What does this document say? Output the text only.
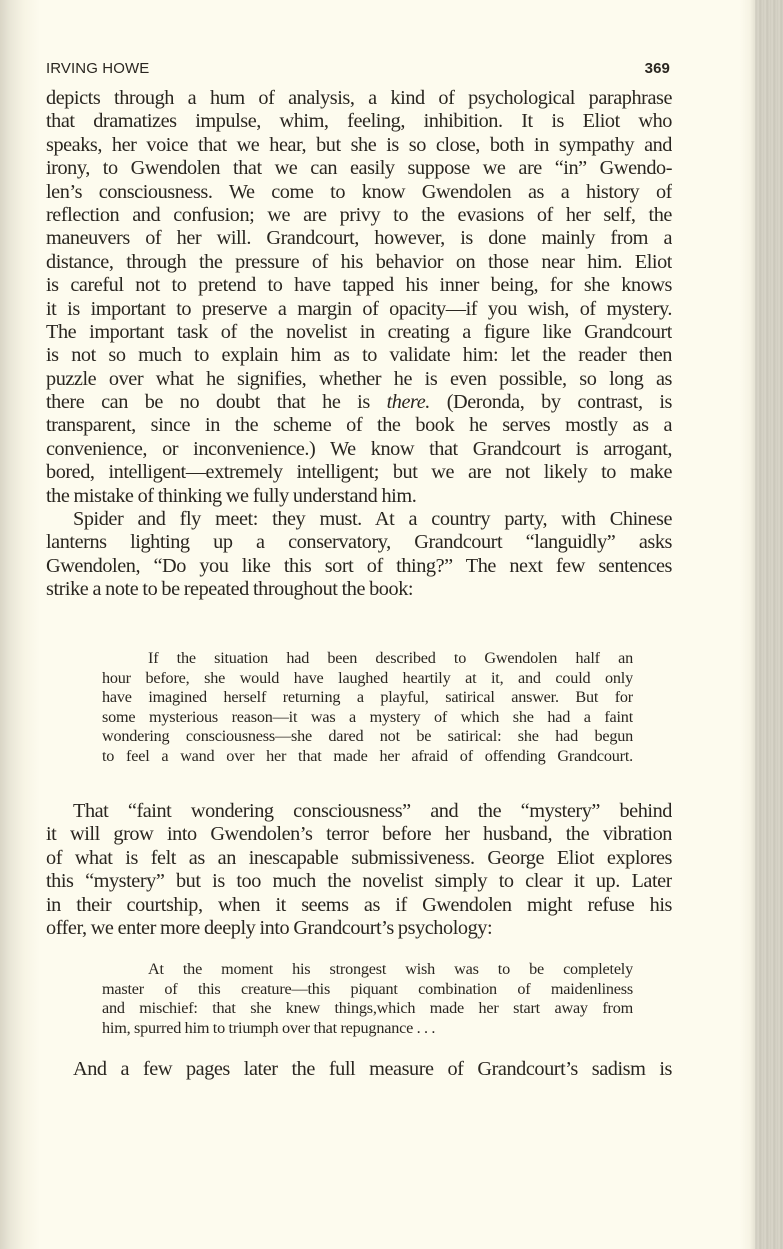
IRVING HOWE	369
depicts through a hum of analysis, a kind of psychological paraphrase
that dramatizes impulse, whim, feeling, inhibition. It is Eliot who
speaks, her voice that we hear, but she is so close, both in sympathy and
irony, to Gwendolen that we can easily suppose we are “in” Gwendo-
len’s consciousness. We come to know Gwendolen as a history of
reflection and confusion; we are privy to the evasions of her self, the
maneuvers of her will. Grandcourt, however, is done mainly from a
distance, through the pressure of his behavior on those near him. Eliot
is careful not to pretend to have tapped his inner being, for she knows
it is important to preserve a margin of opacity—if you wish, of mystery.
The important task of the novelist in creating a figure like Grandcourt
is not so much to explain him as to validate him: let the reader then
puzzle over what he signifies, whether he is even possible, so long as
there can be no doubt that he is there. (Deronda, by contrast, is
transparent, since in the scheme of the book he serves mostly as a
convenience, or inconvenience.) We know that Grandcourt is arrogant,
bored, intelligent—extremely intelligent; but we are not likely to make
the mistake of thinking we fully understand him.
Spider and fly meet: they must. At a country party, with Chinese
lanterns lighting up a conservatory, Grandcourt “languidly” asks
Gwendolen, “Do you like this sort of thing?” The next few sentences
strike a note to be repeated throughout the book:
If the situation had been described to Gwendolen half an
hour before, she would have laughed heartily at it, and could only
have imagined herself returning a playful, satirical answer. But for
some mysterious reason—it was a mystery of which she had a faint
wondering consciousness—she dared not be satirical: she had begun
to feel a wand over her that made her afraid of offending Grandcourt.
That “faint wondering consciousness” and the “mystery” behind
it will grow into Gwendolen’s terror before her husband, the vibration
of what is felt as an inescapable submissiveness. George Eliot explores
this “mystery” but is too much the novelist simply to clear it up. Later
in their courtship, when it seems as if Gwendolen might refuse his
offer, we enter more deeply into Grandcourt’s psychology:
At the moment his strongest wish was to be completely
master of this creature—this piquant combination of maidenliness
and mischief: that she knew things,which made her start away from
him, spurred him to triumph over that repugnance . . .
And a few pages later the full measure of Grandcourt’s sadism is
